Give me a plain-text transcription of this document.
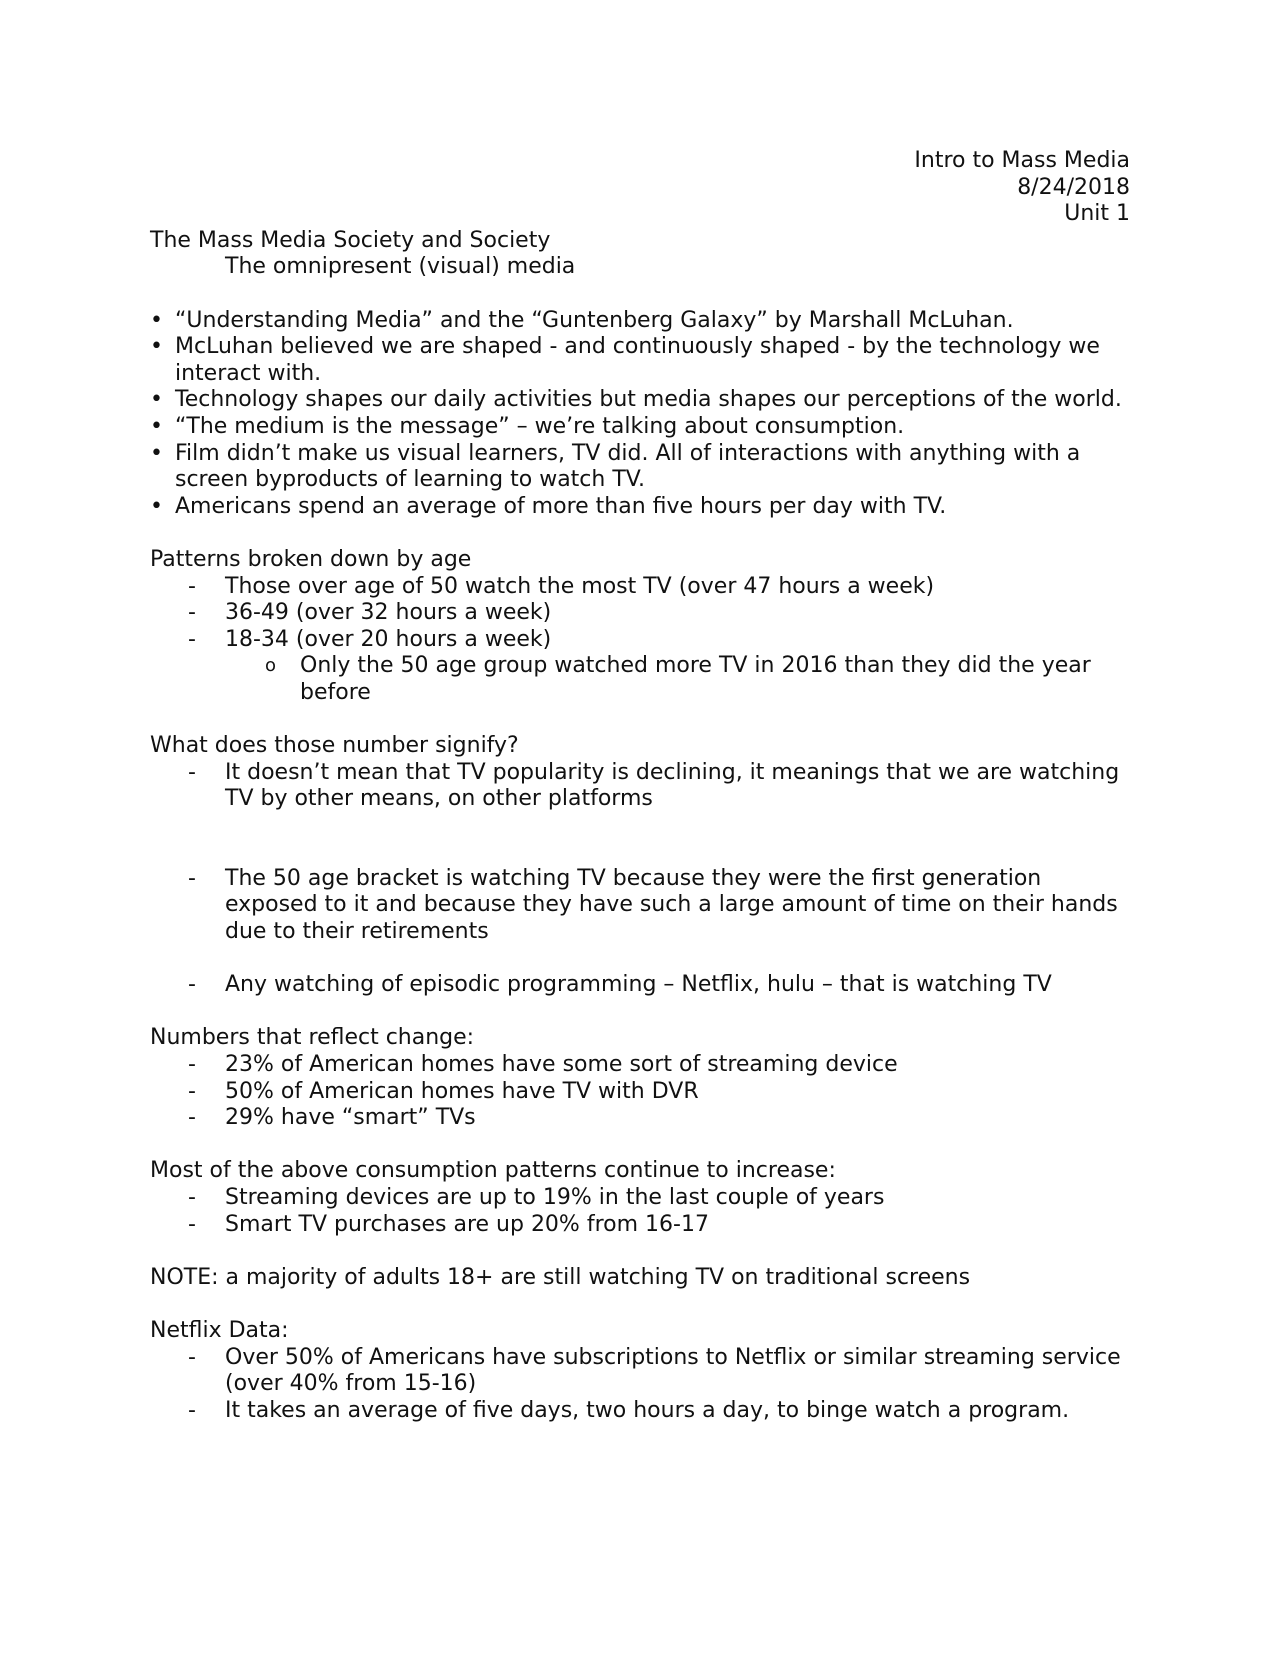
Intro to Mass Media
8/24/2018
Unit 1
The Mass Media Society and Society
The omnipresent (visual) media
• “Understanding Media” and the “Guntenberg Galaxy” by Marshall McLuhan.
• McLuhan believed we are shaped - and continuously shaped - by the technology we interact with.
• Technology shapes our daily activities but media shapes our perceptions of the world.
• “The medium is the message” – we’re talking about consumption.
• Film didn’t make us visual learners, TV did. All of interactions with anything with a screen byproducts of learning to watch TV.
• Americans spend an average of more than five hours per day with TV.
Patterns broken down by age
- Those over age of 50 watch the most TV (over 47 hours a week)
- 36-49 (over 32 hours a week)
- 18-34 (over 20 hours a week)
o Only the 50 age group watched more TV in 2016 than they did the year before
What does those number signify?
- It doesn’t mean that TV popularity is declining, it meanings that we are watching TV by other means, on other platforms
- The 50 age bracket is watching TV because they were the first generation exposed to it and because they have such a large amount of time on their hands due to their retirements
- Any watching of episodic programming – Netflix, hulu – that is watching TV
Numbers that reflect change:
- 23% of American homes have some sort of streaming device
- 50% of American homes have TV with DVR
- 29% have “smart” TVs
Most of the above consumption patterns continue to increase:
- Streaming devices are up to 19% in the last couple of years
- Smart TV purchases are up 20% from 16-17
NOTE: a majority of adults 18+ are still watching TV on traditional screens
Netflix Data:
- Over 50% of Americans have subscriptions to Netflix or similar streaming service (over 40% from 15-16)
- It takes an average of five days, two hours a day, to binge watch a program.
